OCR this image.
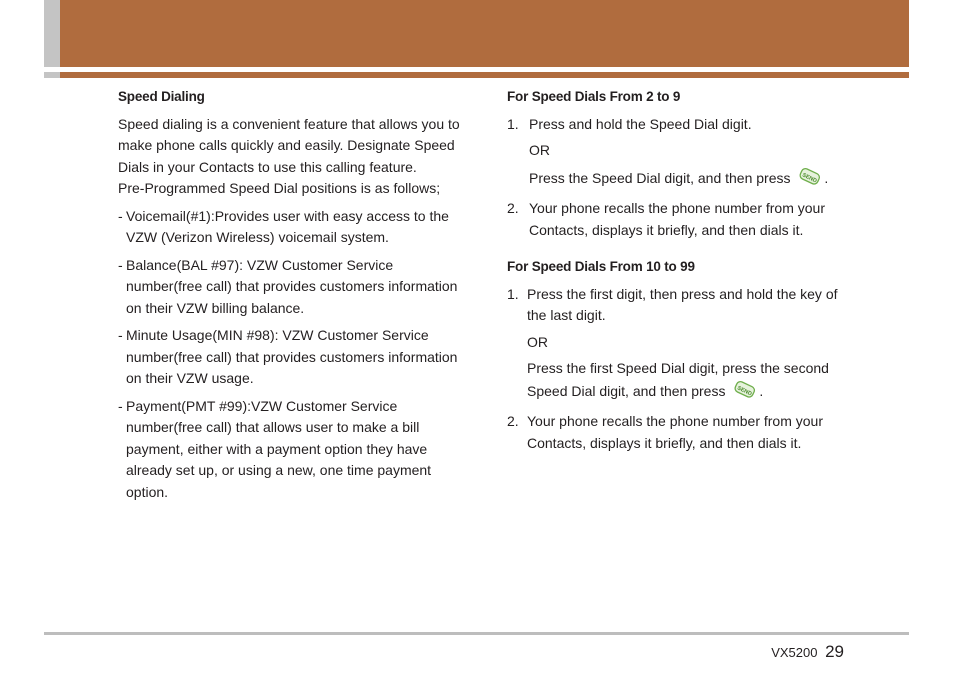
Speed Dialing
Speed dialing is a convenient feature that allows you to make phone calls quickly and easily. Designate Speed Dials in your Contacts to use this calling feature.
Pre-Programmed Speed Dial positions is as follows;
- Voicemail(#1):Provides user with easy access to the VZW (Verizon Wireless) voicemail system.
- Balance(BAL #97): VZW Customer Service number(free call) that provides customers information on their VZW billing balance.
- Minute Usage(MIN #98): VZW Customer Service number(free call) that provides customers information on their VZW usage.
- Payment(PMT #99):VZW Customer Service number(free call) that allows user to make a bill payment, either with a payment option they have already set up, or using a new, one time payment option.
For Speed Dials From 2 to 9
1. Press and hold the Speed Dial digit.
OR
Press the Speed Dial digit, and then press SEND .
2. Your phone recalls the phone number from your Contacts, displays it briefly, and then dials it.
For Speed Dials From 10 to 99
1. Press the first digit, then press and hold the key of the last digit.
OR
Press the first Speed Dial digit, press the second Speed Dial digit, and then press SEND .
2. Your phone recalls the phone number from your Contacts, displays it briefly, and then dials it.
VX5200 29
